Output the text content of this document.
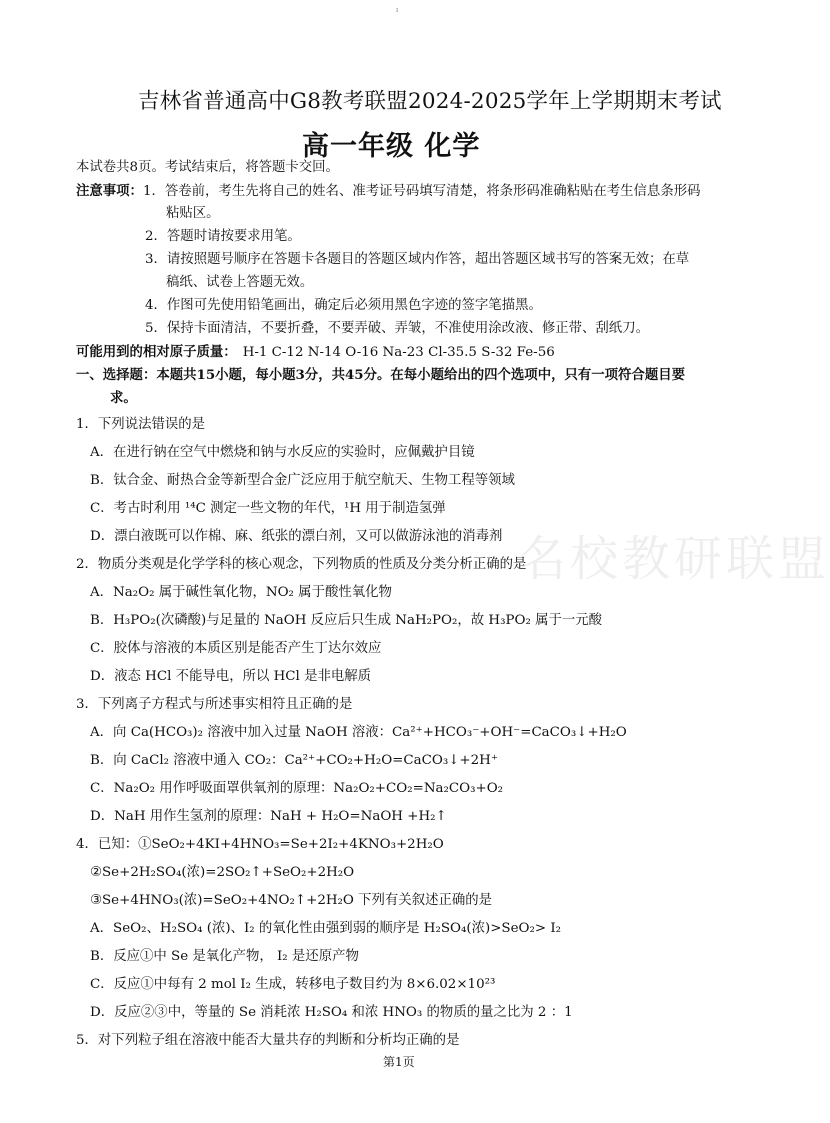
ı
吉林省普通高中G8教考联盟2024-2025学年上学期期末考试
高一年级 化学
名校教研联盟
本试卷共8页。考试结束后，将答题卡交回。
注意事项：1．答卷前，考生先将自己的姓名、准考证号码填写清楚，将条形码准确粘贴在考生信息条形码
粘贴区。
2．答题时请按要求用笔。
3．请按照题号顺序在答题卡各题目的答题区域内作答，超出答题区域书写的答案无效；在草
稿纸、试卷上答题无效。
4．作图可先使用铅笔画出，确定后必须用黑色字迹的签字笔描黑。
5．保持卡面清洁，不要折叠，不要弄破、弄皱，不准使用涂改液、修正带、刮纸刀。
可能用到的相对原子质量： H-1 C-12 N-14 O-16 Na-23 Cl-35.5 S-32 Fe-56
一、选择题：本题共15小题，每小题3分，共45分。在每小题给出的四个选项中，只有一项符合题目要
求。
1．下列说法错误的是
A．在进行钠在空气中燃烧和钠与水反应的实验时，应佩戴护目镜
B．钛合金、耐热合金等新型合金广泛应用于航空航天、生物工程等领域
C．考古时利用 ¹⁴C 测定一些文物的年代，¹H 用于制造氢弹
D．漂白液既可以作棉、麻、纸张的漂白剂，又可以做游泳池的消毒剂
2．物质分类观是化学学科的核心观念，下列物质的性质及分类分析正确的是
A．Na₂O₂ 属于碱性氧化物，NO₂ 属于酸性氧化物
B．H₃PO₂(次磷酸)与足量的 NaOH 反应后只生成 NaH₂PO₂，故 H₃PO₂ 属于一元酸
C．胶体与溶液的本质区别是能否产生丁达尔效应
D．液态 HCl 不能导电，所以 HCl 是非电解质
3．下列离子方程式与所述事实相符且正确的是
A．向 Ca(HCO₃)₂ 溶液中加入过量 NaOH 溶液：Ca²⁺+HCO₃⁻+OH⁻=CaCO₃↓+H₂O
B．向 CaCl₂ 溶液中通入 CO₂：Ca²⁺+CO₂+H₂O=CaCO₃↓+2H⁺
C．Na₂O₂ 用作呼吸面罩供氧剂的原理：Na₂O₂+CO₂=Na₂CO₃+O₂
D．NaH 用作生氢剂的原理：NaH + H₂O=NaOH +H₂↑
4．已知：①SeO₂+4KI+4HNO₃=Se+2I₂+4KNO₃+2H₂O
②Se+2H₂SO₄(浓)=2SO₂↑+SeO₂+2H₂O
③Se+4HNO₃(浓)=SeO₂+4NO₂↑+2H₂O 下列有关叙述正确的是
A．SeO₂、H₂SO₄ (浓)、I₂ 的氧化性由强到弱的顺序是 H₂SO₄(浓)>SeO₂> I₂
B．反应①中 Se 是氧化产物， I₂ 是还原产物
C．反应①中每有 2 mol I₂ 生成，转移电子数目约为 8×6.02×10²³
D．反应②③中，等量的 Se 消耗浓 H₂SO₄ 和浓 HNO₃ 的物质的量之比为 2 ：1
5．对下列粒子组在溶液中能否大量共存的判断和分析均正确的是
第1页
